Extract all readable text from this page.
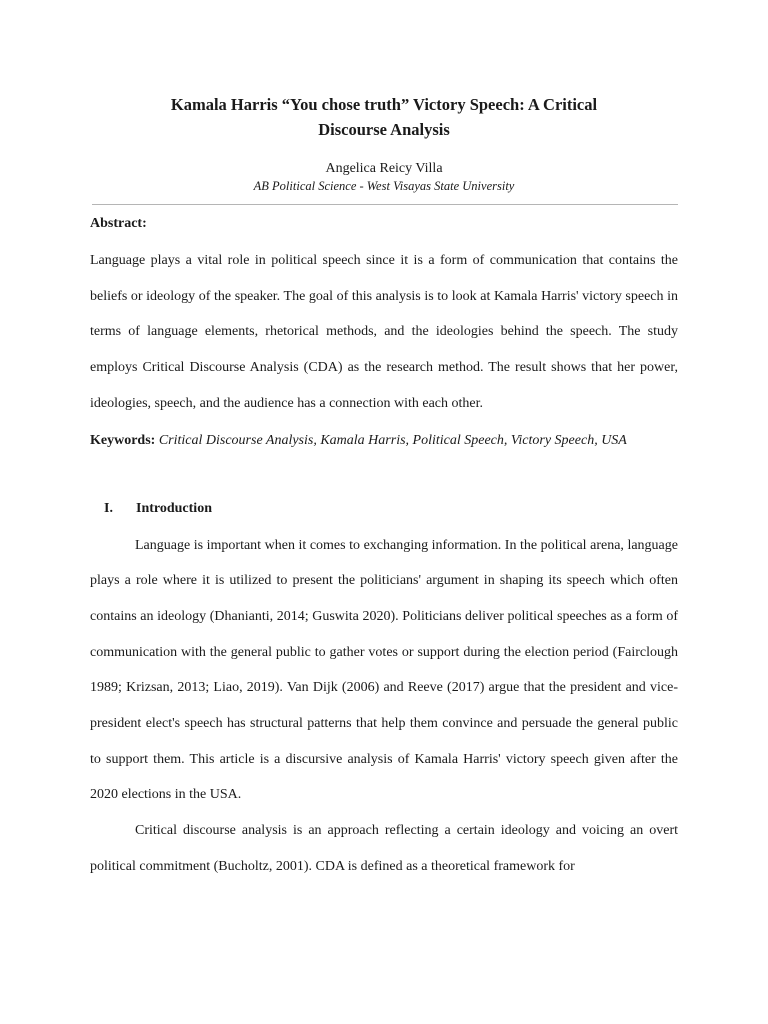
Kamala Harris “You chose truth” Victory Speech: A Critical
Discourse Analysis
Angelica Reicy Villa
AB Political Science - West Visayas State University
Abstract:

Language plays a vital role in political speech since it is a form of communication that contains the beliefs or ideology of the speaker. The goal of this analysis is to look at Kamala Harris' victory speech in terms of language elements, rhetorical methods, and the ideologies behind the speech. The study employs Critical Discourse Analysis (CDA) as the research method. The result shows that her power, ideologies, speech, and the audience has a connection with each other.

Keywords: Critical Discourse Analysis, Kamala Harris, Political Speech, Victory Speech, USA
I.	Introduction

Language is important when it comes to exchanging information. In the political arena, language plays a role where it is utilized to present the politicians' argument in shaping its speech which often contains an ideology (Dhanianti, 2014; Guswita 2020). Politicians deliver political speeches as a form of communication with the general public to gather votes or support during the election period (Fairclough 1989; Krizsan, 2013; Liao, 2019). Van Dijk (2006) and Reeve (2017) argue that the president and vice-president elect's speech has structural patterns that help them convince and persuade the general public to support them. This article is a discursive analysis of Kamala Harris' victory speech given after the 2020 elections in the USA.

Critical discourse analysis is an approach reflecting a certain ideology and voicing an overt political commitment (Bucholtz, 2001). CDA is defined as a theoretical framework for
